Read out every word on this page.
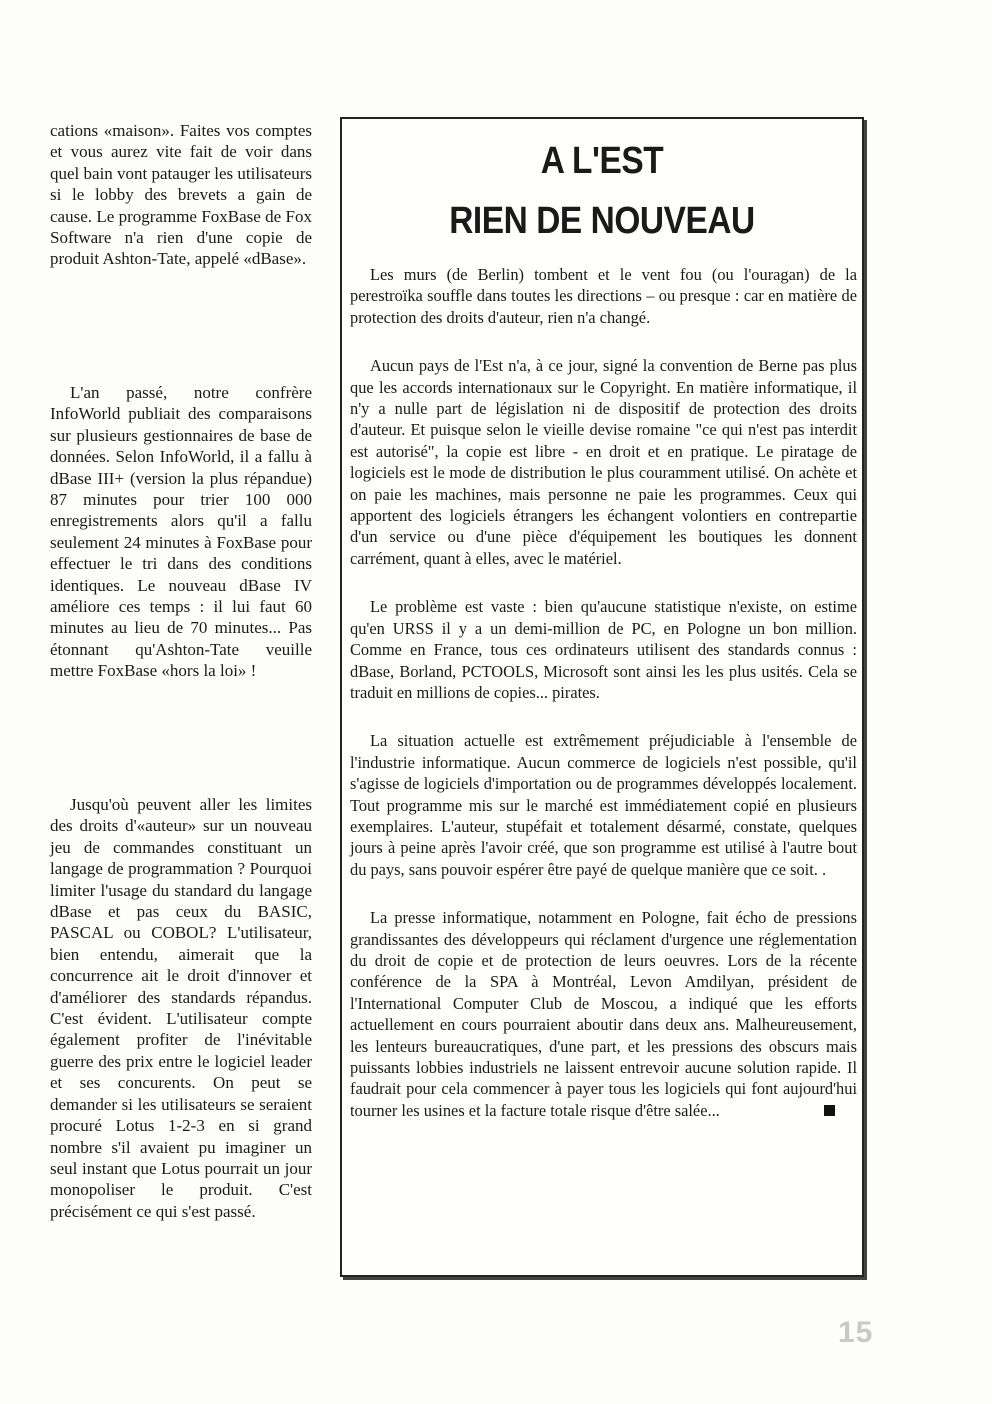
cations «maison». Faites vos comptes et vous aurez vite fait de voir dans quel bain vont patauger les utilisateurs si le lobby des brevets a gain de cause. Le programme FoxBase de Fox Software n'a rien d'une copie de produit Ashton-Tate, appelé «dBase».

L'an passé, notre confrère InfoWorld publiait des comparaisons sur plusieurs gestionnaires de base de données. Selon InfoWorld, il a fallu à dBase III+ (version la plus répandue) 87 minutes pour trier 100 000 enregistrements alors qu'il a fallu seulement 24 minutes à FoxBase pour effectuer le tri dans des conditions identiques. Le nouveau dBase IV améliore ces temps : il lui faut 60 minutes au lieu de 70 minutes... Pas étonnant qu'Ashton-Tate veuille mettre FoxBase «hors la loi» !

Jusqu'où peuvent aller les limites des droits d'«auteur» sur un nouveau jeu de commandes constituant un langage de programmation ? Pourquoi limiter l'usage du standard du langage dBase et pas ceux du BASIC, PASCAL ou COBOL? L'utilisateur, bien entendu, aimerait que la concurrence ait le droit d'innover et d'améliorer des standards répandus. C'est évident. L'utilisateur compte également profiter de l'inévitable guerre des prix entre le logiciel leader et ses concurents. On peut se demander si les utilisateurs se seraient procuré Lotus 1-2-3 en si grand nombre s'il avaient pu imaginer un seul instant que Lotus pourrait un jour monopoliser le produit. C'est précisément ce qui s'est passé.

A L'EST
RIEN DE NOUVEAU

Les murs (de Berlin) tombent et le vent fou (ou l'ouragan) de la perestroïka souffle dans toutes les directions – ou presque : car en matière de protection des droits d'auteur, rien n'a changé.

Aucun pays de l'Est n'a, à ce jour, signé la convention de Berne pas plus que les accords internationaux sur le Copyright. En matière informatique, il n'y a nulle part de législation ni de dispositif de protection des droits d'auteur. Et puisque selon le vieille devise romaine "ce qui n'est pas interdit est autorisé", la copie est libre - en droit et en pratique. Le piratage de logiciels est le mode de distribution le plus couramment utilisé. On achète et on paie les machines, mais personne ne paie les programmes. Ceux qui apportent des logiciels étrangers les échangent volontiers en contrepartie d'un service ou d'une pièce d'équipement les boutiques les donnent carrément, quant à elles, avec le matériel.

Le problème est vaste : bien qu'aucune statistique n'existe, on estime qu'en URSS il y a un demi-million de PC, en Pologne un bon million. Comme en France, tous ces ordinateurs utilisent des standards connus : dBase, Borland, PCTOOLS, Microsoft sont ainsi les les plus usités. Cela se traduit en millions de copies... pirates.

La situation actuelle est extrêmement préjudiciable à l'ensemble de l'industrie informatique. Aucun commerce de logiciels n'est possible, qu'il s'agisse de logiciels d'importation ou de programmes développés localement. Tout programme mis sur le marché est immédiatement copié en plusieurs exemplaires. L'auteur, stupéfait et totalement désarmé, constate, quelques jours à peine après l'avoir créé, que son programme est utilisé à l'autre bout du pays, sans pouvoir espérer être payé de quelque manière que ce soit. .

La presse informatique, notamment en Pologne, fait écho de pressions grandissantes des développeurs qui réclament d'urgence une réglementation du droit de copie et de protection de leurs oeuvres. Lors de la récente conférence de la SPA à Montréal, Levon Amdilyan, président de l'International Computer Club de Moscou, a indiqué que les efforts actuellement en cours pourraient aboutir dans deux ans. Malheureusement, les lenteurs bureaucratiques, d'une part, et les pressions des obscurs mais puissants lobbies industriels ne laissent entrevoir aucune solution rapide. Il faudrait pour cela commencer à payer tous les logiciels qui font aujourd'hui tourner les usines et la facture totale risque d'être salée...

15
